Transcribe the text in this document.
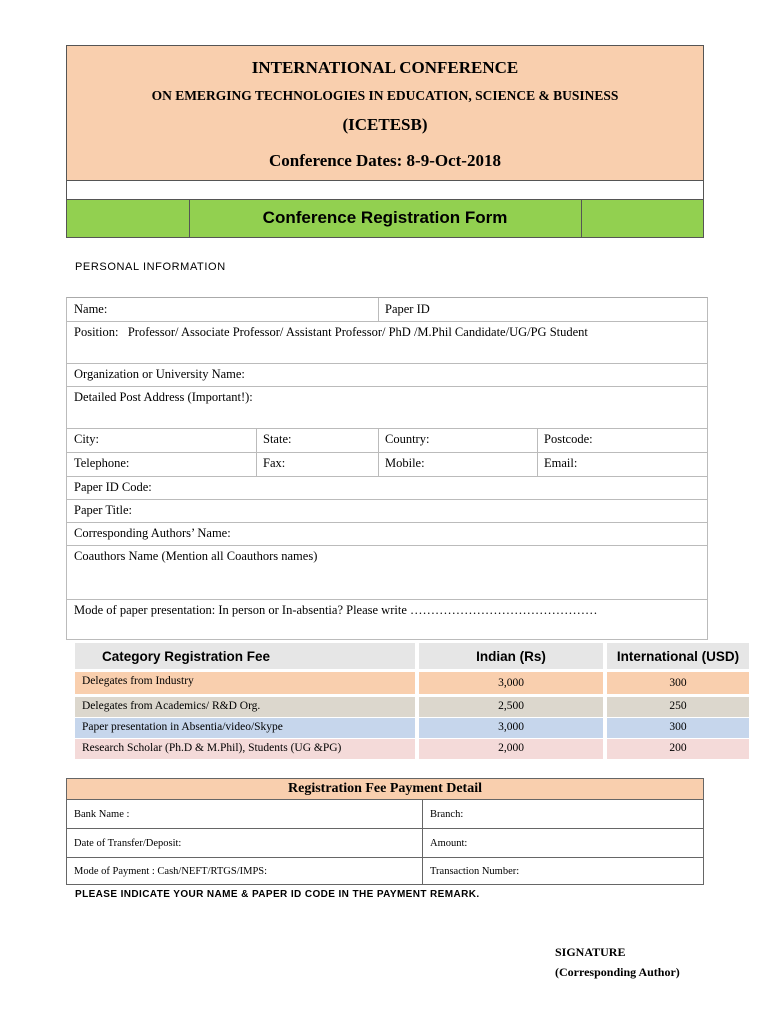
INTERNATIONAL CONFERENCE
ON EMERGING TECHNOLOGIES IN EDUCATION, SCIENCE & BUSINESS
(ICETESB)
Conference Dates: 8-9-Oct-2018
Conference Registration Form
PERSONAL INFORMATION
Name:	Paper ID
Position: Professor/ Associate Professor/ Assistant Professor/ PhD /M.Phil Candidate/UG/PG Student
Organization or University Name:
Detailed Post Address (Important!):
City:	State:	Country:	Postcode:
Telephone:	Fax:	Mobile:	Email:
Paper ID Code:
Paper Title:
Corresponding Authors’ Name:
Coauthors Name (Mention all Coauthors names)
Mode of paper presentation: In person or In-absentia? Please write ………………………………………
Category Registration Fee	Indian (Rs)	International (USD)
Delegates from Industry	3,000	300
Delegates from Academics/ R&D Org.	2,500	250
Paper presentation in Absentia/video/Skype	3,000	300
Research Scholar (Ph.D & M.Phil), Students (UG &PG)	2,000	200
Registration Fee Payment Detail
Bank Name :	Branch:
Date of Transfer/Deposit:	Amount:
Mode of Payment : Cash/NEFT/RTGS/IMPS:	Transaction Number:
PLEASE INDICATE YOUR NAME & PAPER ID CODE IN THE PAYMENT REMARK.
SIGNATURE
(Corresponding Author)
